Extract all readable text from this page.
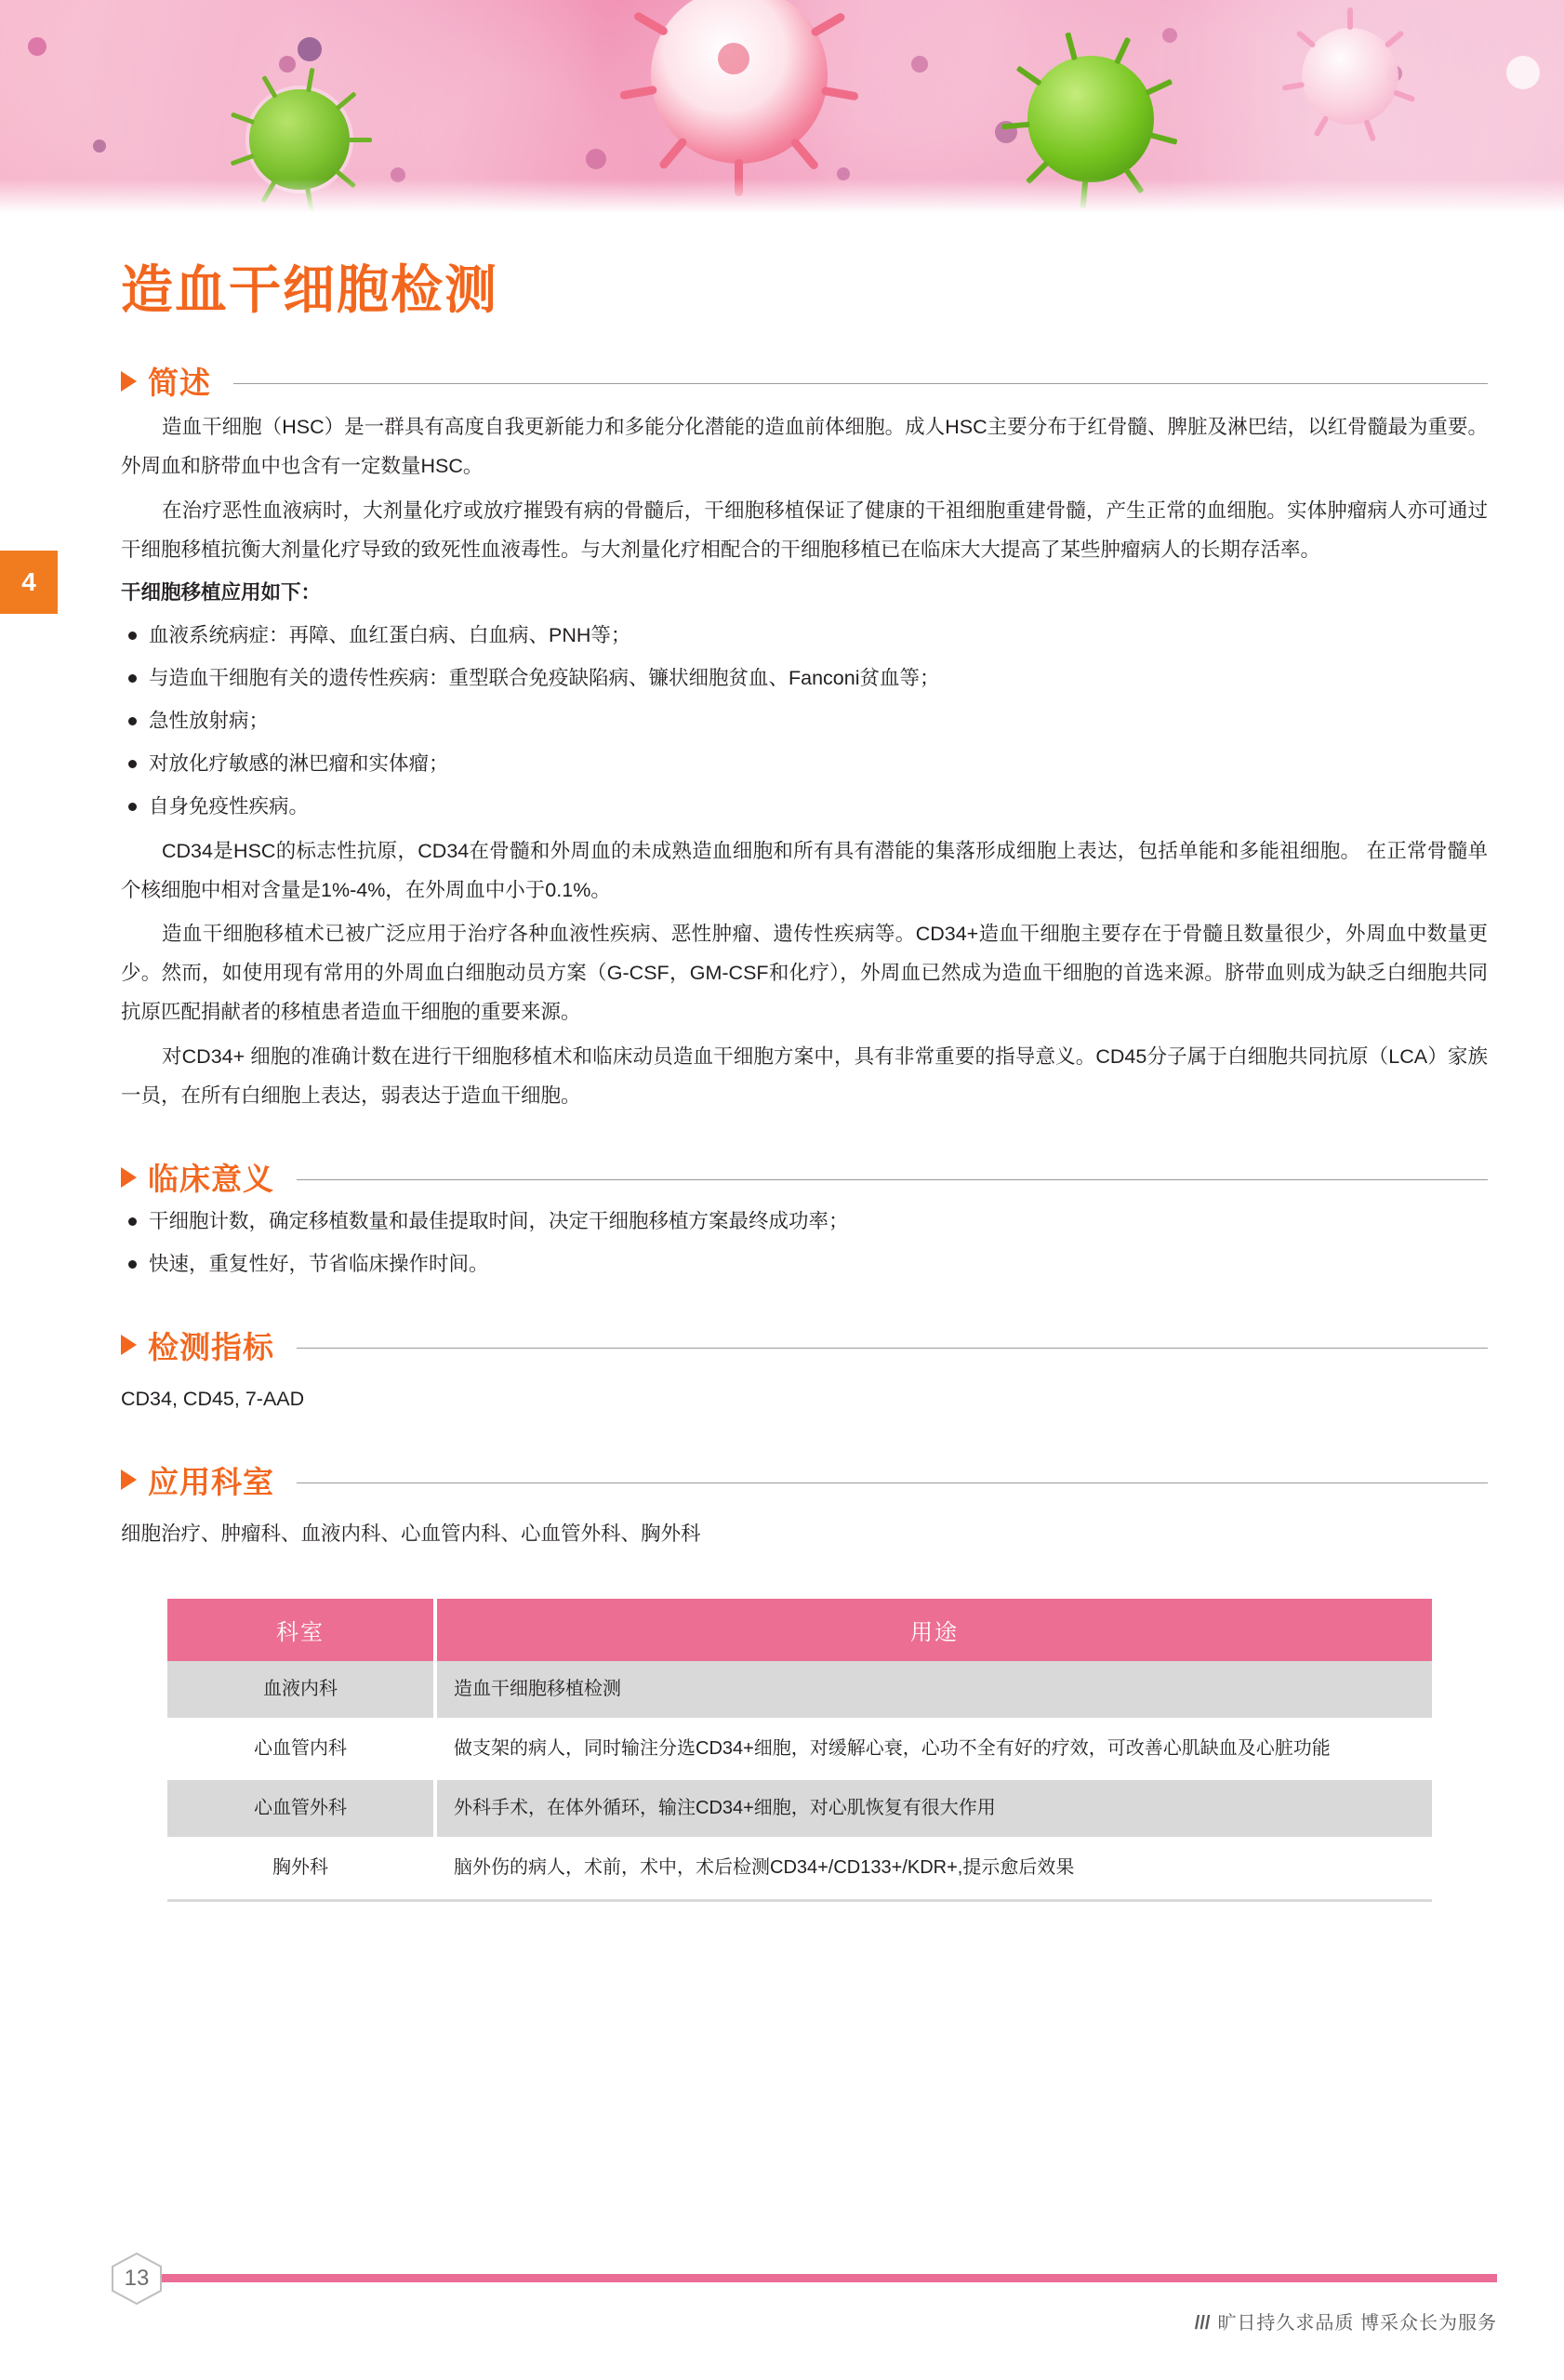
4
造血干细胞检测
简述

造血干细胞（HSC）是一群具有高度自我更新能力和多能分化潜能的造血前体细胞。成人HSC主要分布于红骨髓、脾脏及淋巴结，以红骨髓最为重要。外周血和脐带血中也含有一定数量HSC。

在治疗恶性血液病时，大剂量化疗或放疗摧毁有病的骨髓后，干细胞移植保证了健康的干祖细胞重建骨髓，产生正常的血细胞。实体肿瘤病人亦可通过干细胞移植抗衡大剂量化疗导致的致死性血液毒性。与大剂量化疗相配合的干细胞移植已在临床大大提高了某些肿瘤病人的长期存活率。

干细胞移植应用如下：

血液系统病症：再障、血红蛋白病、白血病、PNH等；
与造血干细胞有关的遗传性疾病：重型联合免疫缺陷病、镰状细胞贫血、Fanconi贫血等；
急性放射病；
对放化疗敏感的淋巴瘤和实体瘤；
自身免疫性疾病。

CD34是HSC的标志性抗原，CD34在骨髓和外周血的未成熟造血细胞和所有具有潜能的集落形成细胞上表达，包括单能和多能祖细胞。 在正常骨髓单个核细胞中相对含量是1%-4%，在外周血中小于0.1%。

造血干细胞移植术已被广泛应用于治疗各种血液性疾病、恶性肿瘤、遗传性疾病等。CD34+造血干细胞主要存在于骨髓且数量很少，外周血中数量更少。然而，如使用现有常用的外周血白细胞动员方案（G-CSF，GM-CSF和化疗），外周血已然成为造血干细胞的首选来源。脐带血则成为缺乏白细胞共同抗原匹配捐献者的移植患者造血干细胞的重要来源。

对CD34+ 细胞的准确计数在进行干细胞移植术和临床动员造血干细胞方案中，具有非常重要的指导意义。CD45分子属于白细胞共同抗原（LCA）家族一员，在所有白细胞上表达，弱表达于造血干细胞。

临床意义
干细胞计数，确定移植数量和最佳提取时间，决定干细胞移植方案最终成功率；
快速，重复性好，节省临床操作时间。
检测指标

CD34, CD45, 7-AAD

应用科室

细胞治疗、肿瘤科、血液内科、心血管内科、心血管外科、胸外科

科室	用途
血液内科	造血干细胞移植检测
心血管内科	做支架的病人，同时输注分选CD34+细胞，对缓解心衰，心功不全有好的疗效，可改善心肌缺血及心脏功能
心血管外科	外科手术，在体外循环，输注CD34+细胞，对心肌恢复有很大作用
胸外科	脑外伤的病人，术前，术中，术后检测CD34+/CD133+/KDR+,提示愈后效果
13
/// 旷日持久求品质 博采众长为服务
